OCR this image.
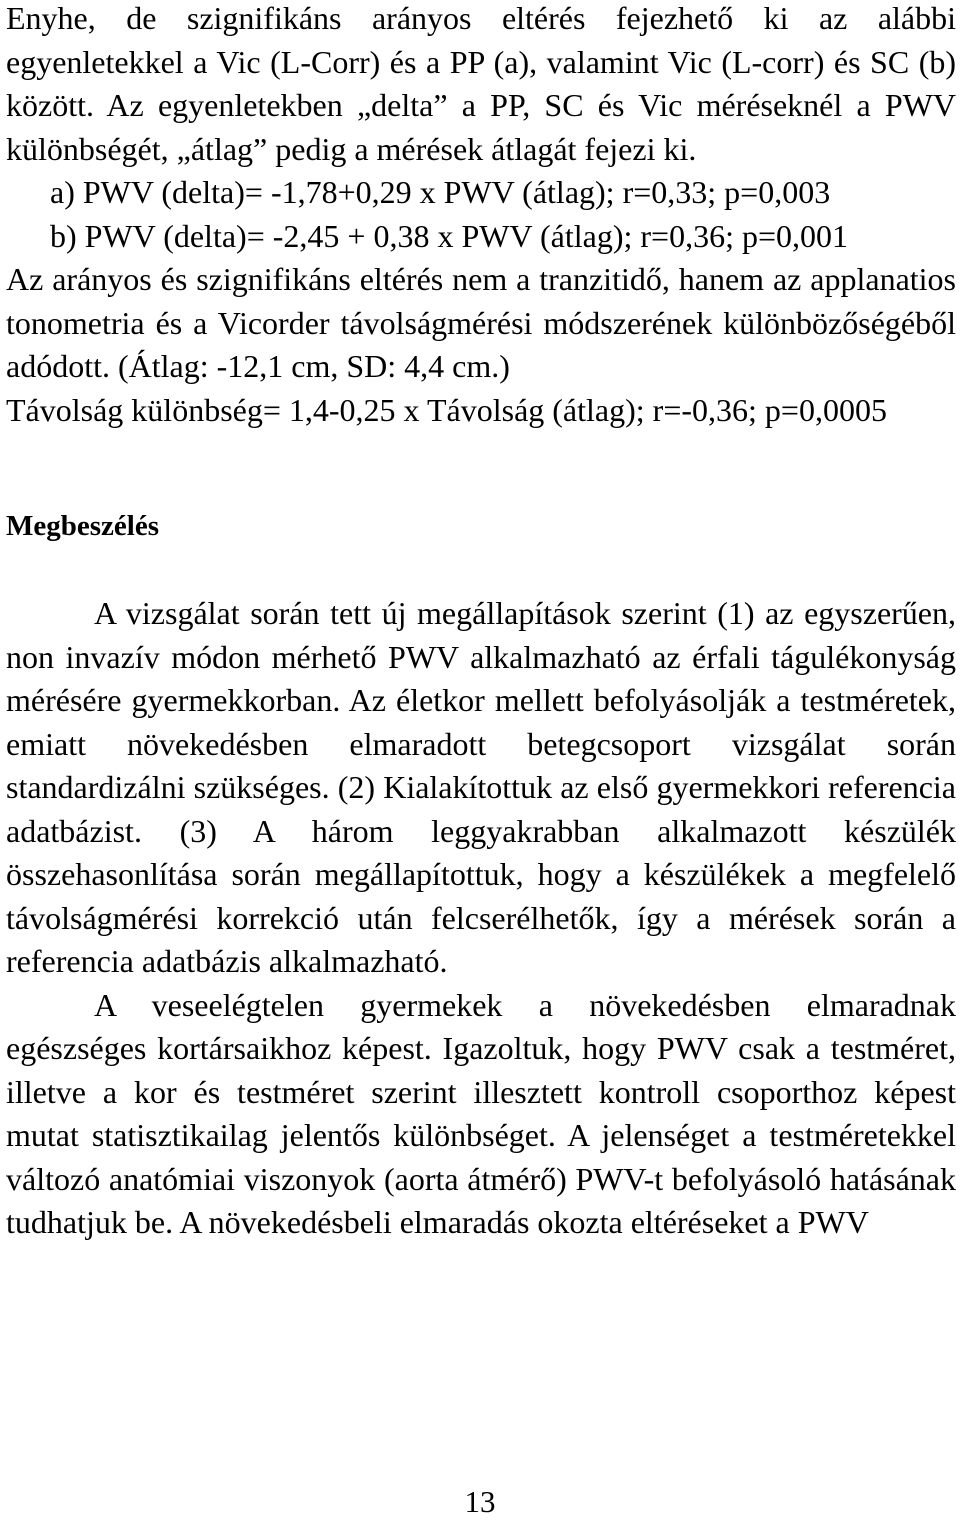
Enyhe, de szignifikáns arányos eltérés fejezhető ki az alábbi egyenletekkel a Vic (L-Corr) és a PP (a), valamint Vic (L-corr) és SC (b) között. Az egyenletekben „delta” a PP, SC és Vic méréseknél a PWV különbségét, „átlag” pedig a mérések átlagát fejezi ki.

a) PWV (delta)= -1,78+0,29 x PWV (átlag); r=0,33; p=0,003

b) PWV (delta)= -2,45 + 0,38 x PWV (átlag); r=0,36; p=0,001

Az arányos és szignifikáns eltérés nem a tranzitidő, hanem az applanatios tonometria és a Vicorder távolságmérési módszerének különbözőségéből adódott. (Átlag: -12,1 cm, SD: 4,4 cm.)

Távolság különbség= 1,4-0,25 x Távolság (átlag); r=-0,36; p=0,0005

Megbeszélés

A vizsgálat során tett új megállapítások szerint (1) az egyszerűen, non invazív módon mérhető PWV alkalmazható az érfali tágulékonyság mérésére gyermekkorban. Az életkor mellett befolyásolják a testméretek, emiatt növekedésben elmaradott betegcsoport vizsgálat során standardizálni szükséges. (2) Kialakítottuk az első gyermekkori referencia adatbázist. (3) A három leggyakrabban alkalmazott készülék összehasonlítása során megállapítottuk, hogy a készülékek a megfelelő távolságmérési korrekció után felcserélhetők, így a mérések során a referencia adatbázis alkalmazható.

A veseelégtelen gyermekek a növekedésben elmaradnak egészséges kortársaikhoz képest. Igazoltuk, hogy PWV csak a testméret, illetve a kor és testméret szerint illesztett kontroll csoporthoz képest mutat statisztikailag jelentős különbséget. A jelenséget a testméretekkel változó anatómiai viszonyok (aorta átmérő) PWV-t befolyásoló hatásának tudhatjuk be. A növekedésbeli elmaradás okozta eltéréseket a PWV

13
